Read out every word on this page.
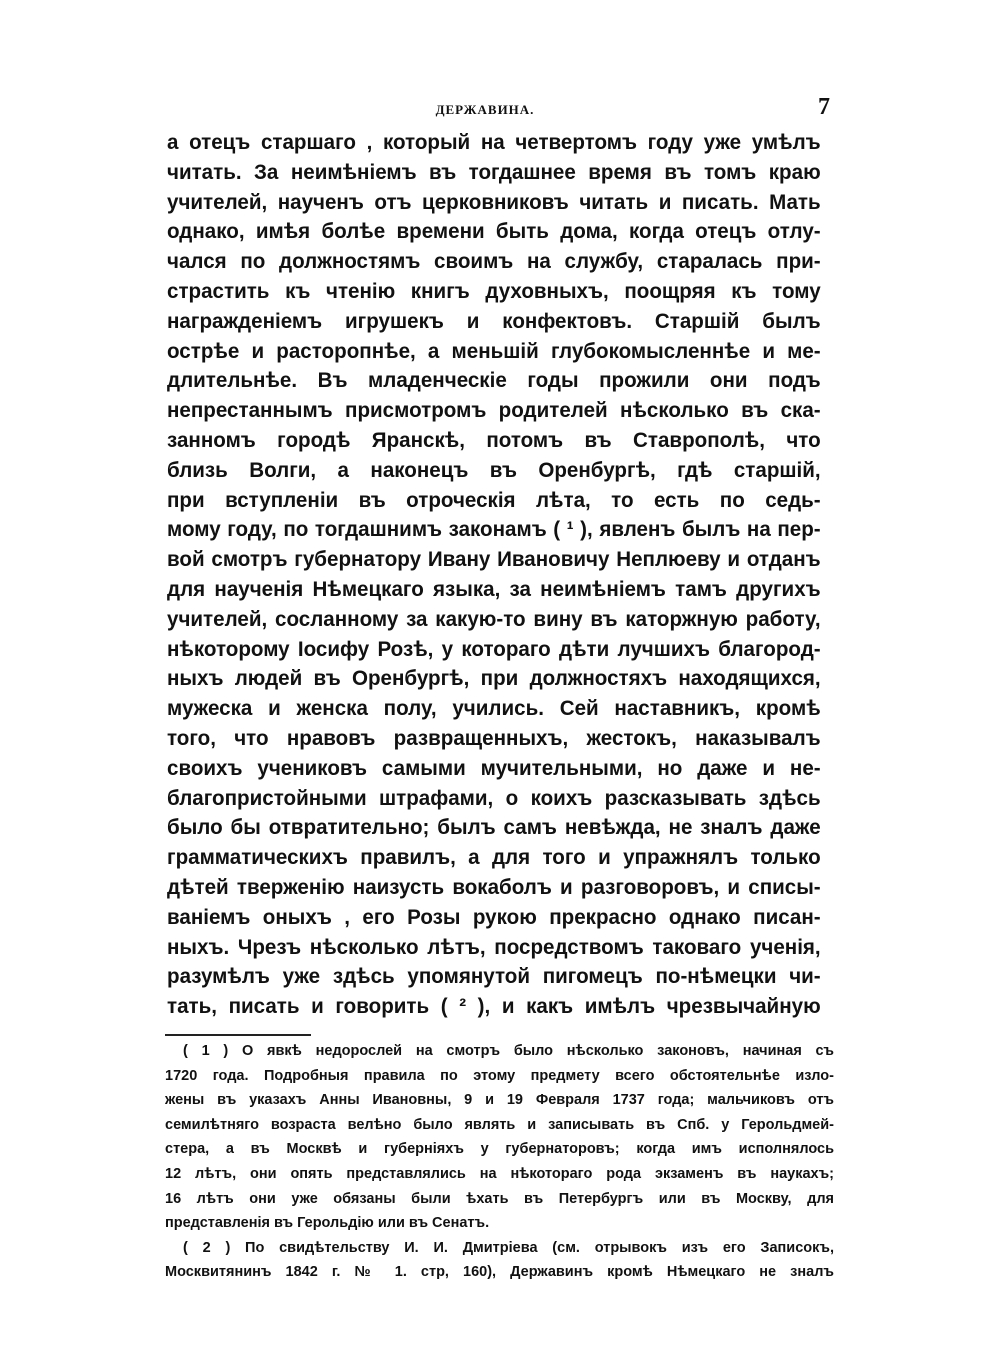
ДЕРЖАВИНА.	7
а отецъ старшаго , который на четвертомъ году уже умѣлъ
читать. За неимѣніемъ въ тогдашнее время въ томъ краю
учителей, наученъ отъ церковниковъ читать и писать. Мать
однако, имѣя болѣе времени быть дома, когда отецъ отлу-
чался по должностямъ своимъ на службу, старалась при-
страстить къ чтенію книгъ духовныхъ, поощряя къ тому
награжденіемъ игрушекъ и конфектовъ. Старшій былъ
острѣе и расторопнѣе, а меньшій глубокомысленнѣе и ме-
длительнѣе. Въ младенческіе годы прожили они подъ
непрестаннымъ присмотромъ родителей нѣсколько въ ска-
занномъ городѣ Яранскѣ, потомъ въ Ставрополѣ, что
близь Волги, а наконецъ въ Оренбургѣ, гдѣ старшій,
при вступленіи въ отроческія лѣта, то есть по седь-
мому году, по тогдашнимъ законамъ ( ¹ ), явленъ былъ на пер-
вой смотръ губернатору Ивану Ивановичу Неплюеву и отданъ
для наученія Нѣмецкаго языка, за неимѣніемъ тамъ другихъ
учителей, сосланному за какую-то вину въ каторжную работу,
нѣкоторому Іосифу Розѣ, у котораго дѣти лучшихъ благород-
ныхъ людей въ Оренбургѣ, при должностяхъ находящихся,
мужеска и женска полу, учились. Сей наставникъ, кромѣ
того, что нравовъ развращенныхъ, жестокъ, наказывалъ
своихъ учениковъ самыми мучительными, но даже и не-
благопристойными штрафами, о коихъ разсказывать здѣсь
было бы отвратительно; былъ самъ невѣжда, не зналъ даже
грамматическихъ правилъ, а для того и упражнялъ только
дѣтей тверженію наизусть вокаболъ и разговоровъ, и списы-
ваніемъ оныхъ , его Розы рукою прекрасно однако писан-
ныхъ. Чрезъ нѣсколько лѣтъ, посредствомъ таковаго ученія,
разумѣлъ уже здѣсь упомянутой пигомецъ по-нѣмецки чи-
тать, писать и говорить ( ² ), и какъ имѣлъ чрезвычайную
( 1 ) О явкѣ недорослей на смотръ было нѣсколько законовъ, начиная съ
1720 года. Подробныя правила по этому предмету всего обстоятельнѣе изло-
жены въ указахъ Анны Ивановны, 9 и 19 Февраля 1737 года; мальчиковъ отъ
семилѣтняго возраста велѣно было являть и записывать въ Спб. у Герольдмей-
стера, а въ Москвѣ и губерніяхъ у губернаторовъ; когда имъ исполнялось
12 лѣтъ, они опять представлялись на нѣкотораго рода экзаменъ въ наукахъ;
16 лѣтъ они уже обязаны были ѣхать въ Петербургъ или въ Москву, для
представленія въ Герольдію или въ Сенатъ.
( 2 ) По свидѣтельству И. И. Дмитріева (см. отрывокъ изъ его Записокъ,
Москвитянинъ 1842 г. № 1. стр, 160), Державинъ кромѣ Нѣмецкаго не зналъ
